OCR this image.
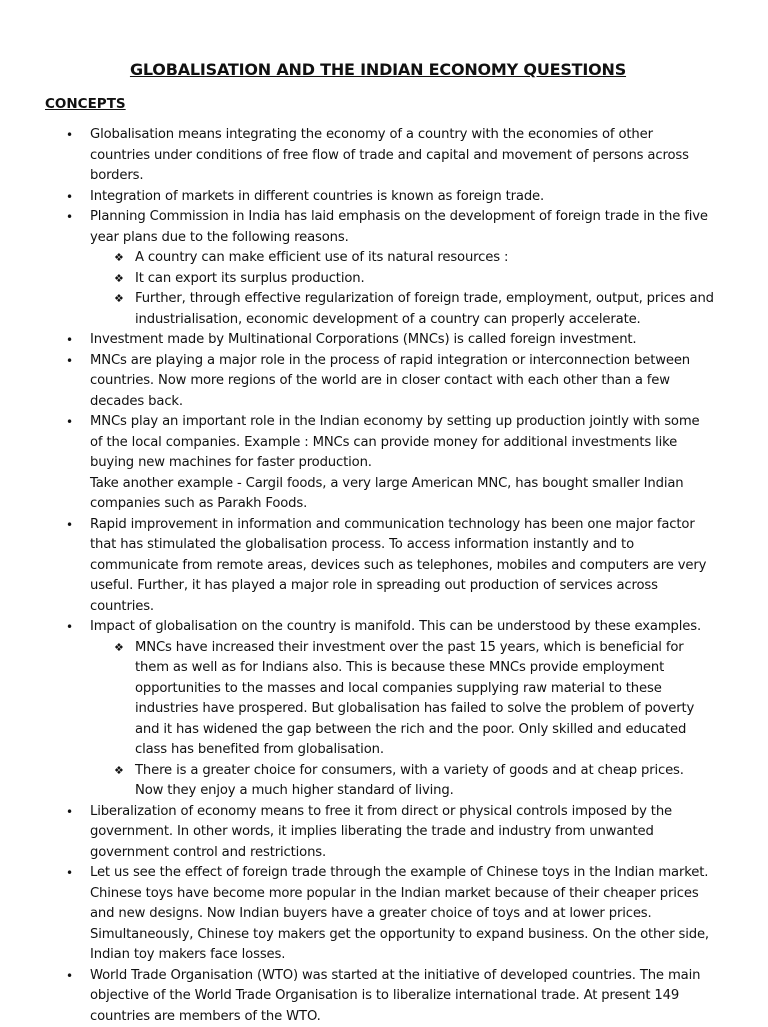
GLOBALISATION AND THE INDIAN ECONOMY QUESTIONS
CONCEPTS
• Globalisation means integrating the economy of a country with the economies of other countries under conditions of free flow of trade and capital and movement of persons across borders.
• Integration of markets in different countries is known as foreign trade.
• Planning Commission in India has laid emphasis on the development of foreign trade in the five year plans due to the following reasons.
❖ A country can make efficient use of its natural resources :
❖ It can export its surplus production.
❖ Further, through effective regularization of foreign trade, employment, output, prices and industrialisation, economic development of a country can properly accelerate.
• Investment made by Multinational Corporations (MNCs) is called foreign investment.
• MNCs are playing a major role in the process of rapid integration or interconnection between countries. Now more regions of the world are in closer contact with each other than a few decades back.
• MNCs play an important role in the Indian economy by setting up production jointly with some of the local companies. Example : MNCs can provide money for additional investments like buying new machines for faster production.
Take another example - Cargil foods, a very large American MNC, has bought smaller Indian companies such as Parakh Foods.
• Rapid improvement in information and communication technology has been one major factor that has stimulated the globalisation process. To access information instantly and to communicate from remote areas, devices such as telephones, mobiles and computers are very useful. Further, it has played a major role in spreading out production of services across countries.
• Impact of globalisation on the country is manifold. This can be understood by these examples.
❖ MNCs have increased their investment over the past 15 years, which is beneficial for them as well as for Indians also. This is because these MNCs provide employment opportunities to the masses and local companies supplying raw material to these industries have prospered. But globalisation has failed to solve the problem of poverty and it has widened the gap between the rich and the poor. Only skilled and educated class has benefited from globalisation.
❖ There is a greater choice for consumers, with a variety of goods and at cheap prices. Now they enjoy a much higher standard of living.
• Liberalization of economy means to free it from direct or physical controls imposed by the government. In other words, it implies liberating the trade and industry from unwanted government control and restrictions.
• Let us see the effect of foreign trade through the example of Chinese toys in the Indian market. Chinese toys have become more popular in the Indian market because of their cheaper prices and new designs. Now Indian buyers have a greater choice of toys and at lower prices. Simultaneously, Chinese toy makers get the opportunity to expand business. On the other side, Indian toy makers face losses.
• World Trade Organisation (WTO) was started at the initiative of developed countries. The main objective of the World Trade Organisation is to liberalize international trade. At present 149 countries are members of the WTO.
